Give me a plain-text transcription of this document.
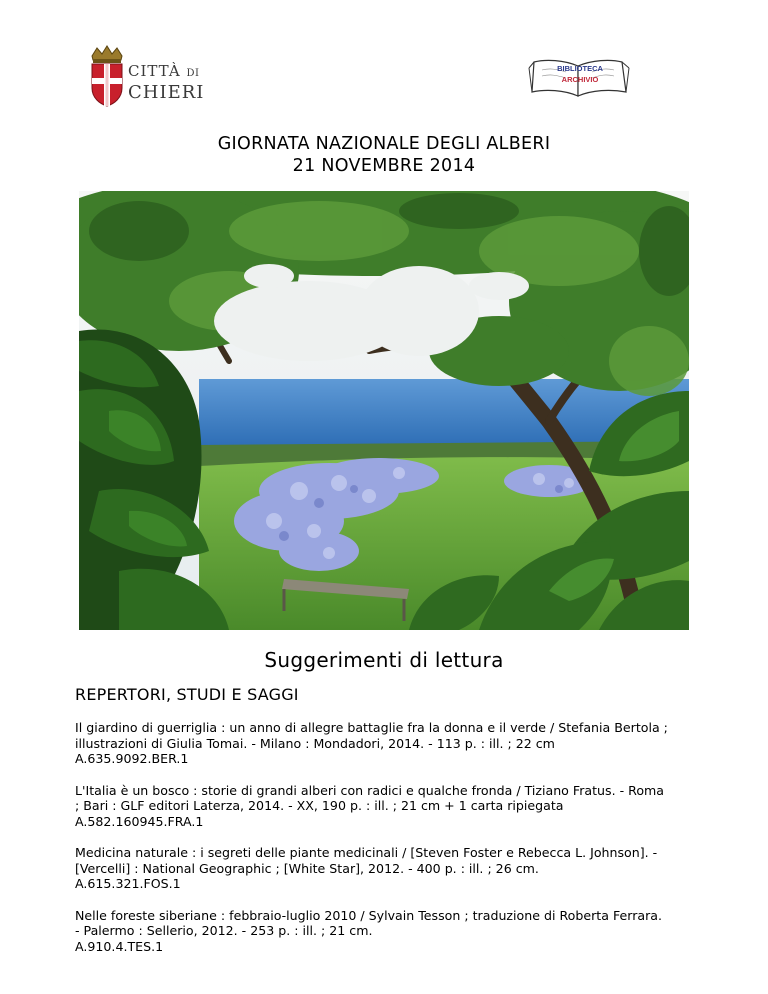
CITTÀ DI
CHIERI
BIBLIOTECA
ARCHIVIO
GIORNATA NAZIONALE DEGLI ALBERI
21 NOVEMBRE 2014
Suggerimenti di lettura
REPERTORI, STUDI E SAGGI
Il giardino di guerriglia : un anno di allegre battaglie fra la donna e il verde / Stefania Bertola ;
illustrazioni di Giulia Tomai. - Milano : Mondadori, 2014. - 113 p. : ill. ; 22 cm
A.635.9092.BER.1
L'Italia è un bosco : storie di grandi alberi con radici e qualche fronda / Tiziano Fratus. - Roma
; Bari : GLF editori Laterza, 2014. - XX, 190 p. : ill. ; 21 cm + 1 carta ripiegata
A.582.160945.FRA.1
Medicina naturale : i segreti delle piante medicinali / [Steven Foster e Rebecca L. Johnson]. -
[Vercelli] : National Geographic ; [White Star], 2012. - 400 p. : ill. ; 26 cm.
A.615.321.FOS.1
Nelle foreste siberiane : febbraio-luglio 2010 / Sylvain Tesson ; traduzione di Roberta Ferrara.
- Palermo : Sellerio, 2012. - 253 p. : ill. ; 21 cm.
A.910.4.TES.1
